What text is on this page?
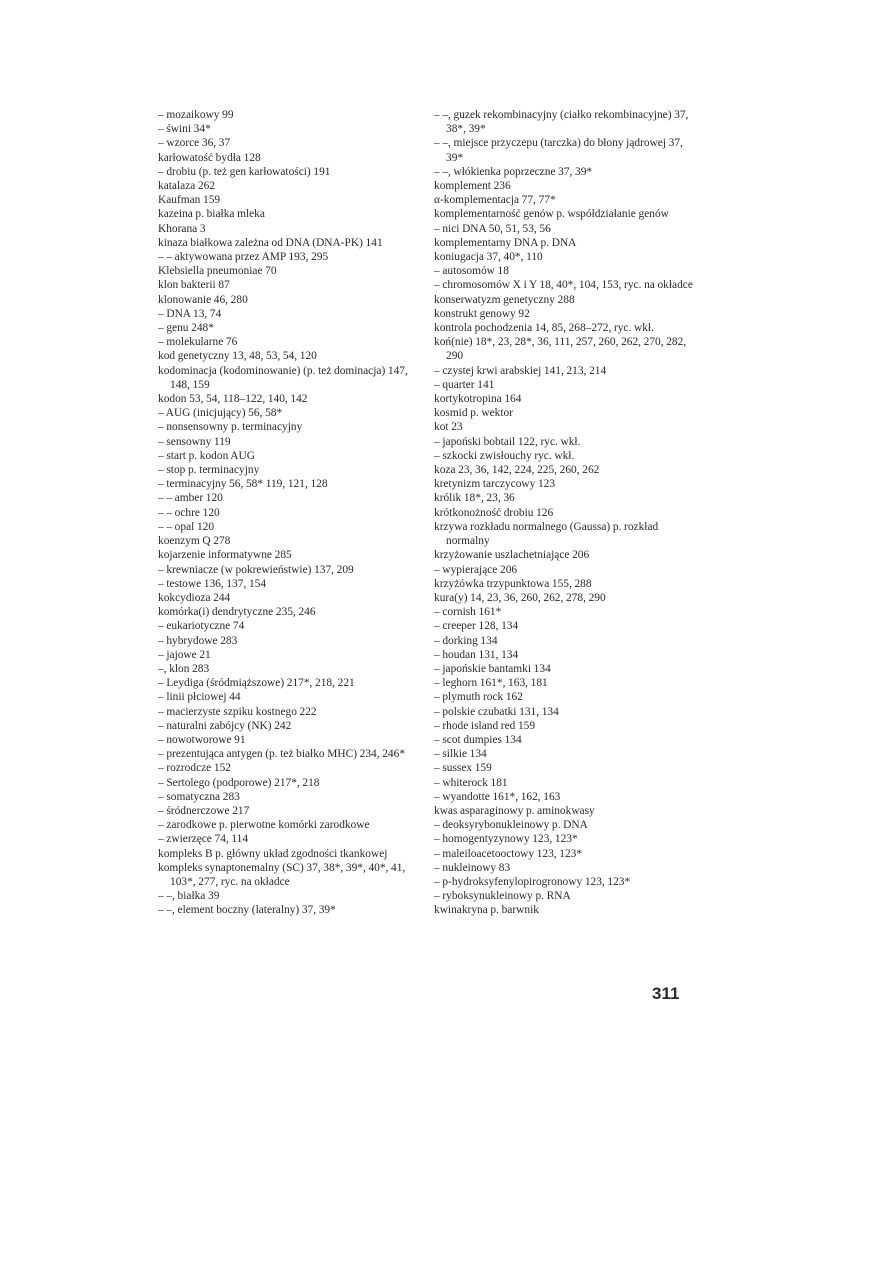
– mozaikowy 99
– świni 34*
– wzorce 36, 37
karłowatość bydła 128
– drobiu (p. też gen karłowatości) 191
katalaza 262
Kaufman 159
kazeina p. białka mleka
Khorana 3
kinaza białkowa zależna od DNA (DNA-PK) 141
– – aktywowana przez AMP 193, 295
Klebsiella pneumoniae 70
klon bakterii 87
klonowanie 46, 280
– DNA 13, 74
– genu 248*
– molekularne 76
kod genetyczny 13, 48, 53, 54, 120
kodominacja (kodominowanie) (p. też dominacja) 147, 148, 159
kodon 53, 54, 118–122, 140, 142
– AUG (inicjujący) 56, 58*
– nonsensowny p. terminacyjny
– sensowny 119
– start p. kodon AUG
– stop p. terminacyjny
– terminacyjny 56, 58* 119, 121, 128
– – amber 120
– – ochre 120
– – opal 120
koenzym Q 278
kojarzenie informatywne 285
– krewniacze (w pokrewieństwie) 137, 209
– testowe 136, 137, 154
kokcydioza 244
komórka(i) dendrytyczne 235, 246
– eukariotyczne 74
– hybrydowe 283
– jajowe 21
–, klon 283
– Leydiga (śródmiąższowe) 217*, 218, 221
– linii płciowej 44
– macierzyste szpiku kostnego 222
– naturalni zabójcy (NK) 242
– nowotworowe 91
– prezentująca antygen (p. też białko MHC) 234, 246*
– rozrodcze 152
– Sertolego (podporowe) 217*, 218
– somatyczna 283
– śródnerczowe 217
– zarodkowe p. pierwotne komórki zarodkowe
– zwierzęce 74, 114
kompleks B p. główny układ zgodności tkankowej
kompleks synaptonemalny (SC) 37, 38*, 39*, 40*, 41, 103*, 277, ryc. na okładce
– –, białka 39
– –, element boczny (lateralny) 37, 39*
– –, guzek rekombinacyjny (ciałko rekombinacyjne) 37, 38*, 39*
– –, miejsce przyczepu (tarczka) do błony jądrowej 37, 39*
– –, włókienka poprzeczne 37, 39*
komplement 236
α-komplementacja 77, 77*
komplementarność genów p. współdziałanie genów
– nici DNA 50, 51, 53, 56
komplementarny DNA p. DNA
koniugacja 37, 40*, 110
– autosomów 18
– chromosomów X i Y 18, 40*, 104, 153, ryc. na okładce
konserwatyzm genetyczny 288
konstrukt genowy 92
kontrola pochodzenia 14, 85, 268–272, ryc. wkł.
koń(nie) 18*, 23, 28*, 36, 111, 257, 260, 262, 270, 282, 290
– czystej krwi arabskiej 141, 213, 214
– quarter 141
kortykotropina 164
kosmid p. wektor
kot 23
– japoński bobtail 122, ryc. wkł.
– szkocki zwisłouchy ryc. wkł.
koza 23, 36, 142, 224, 225, 260, 262
kretynizm tarczycowy 123
królik 18*, 23, 36
krótkonożność drobiu 126
krzywa rozkładu normalnego (Gaussa) p. rozkład normalny
krzyżowanie uszlachetniające 206
– wypierające 206
krzyżówka trzypunktowa 155, 288
kura(y) 14, 23, 36, 260, 262, 278, 290
– cornish 161*
– creeper 128, 134
– dorking 134
– houdan 131, 134
– japońskie bantamki 134
– leghorn 161*, 163, 181
– plymuth rock 162
– polskie czubatki 131, 134
– rhode island red 159
– scot dumpies 134
– silkie 134
– sussex 159
– whiterock 181
– wyandotte 161*, 162, 163
kwas asparaginowy p. aminokwasy
– deoksyrybonukleinowy p. DNA
– homogentyzynowy 123, 123*
– maleiloacetooctowy 123, 123*
– nukleinowy 83
– p-hydroksyfenylopirogronowy 123, 123*
– ryboksynukleinowy p. RNA
kwinakryna p. barwnik
311
